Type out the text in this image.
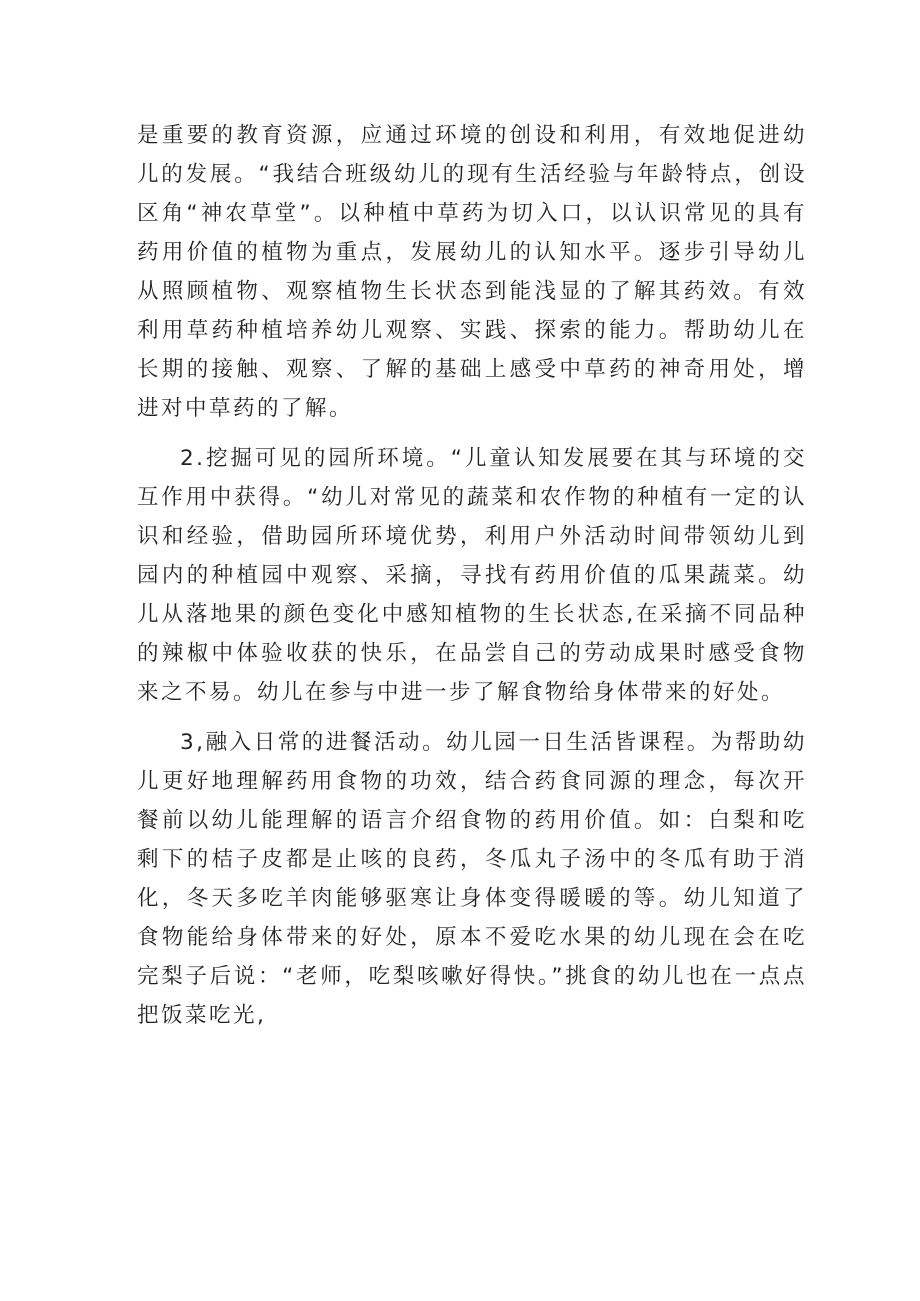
是重要的教育资源，应通过环境的创设和利用，有效地促进幼儿的发展。“我结合班级幼儿的现有生活经验与年龄特点，创设区角“神农草堂”。以种植中草药为切入口，以认识常见的具有药用价值的植物为重点，发展幼儿的认知水平。逐步引导幼儿从照顾植物、观察植物生长状态到能浅显的了解其药效。有效利用草药种植培养幼儿观察、实践、探索的能力。帮助幼儿在长期的接触、观察、了解的基础上感受中草药的神奇用处，增进对中草药的了解。

2.挖掘可见的园所环境。“儿童认知发展要在其与环境的交互作用中获得。“幼儿对常见的蔬菜和农作物的种植有一定的认识和经验，借助园所环境优势，利用户外活动时间带领幼儿到园内的种植园中观察、采摘，寻找有药用价值的瓜果蔬菜。幼儿从落地果的颜色变化中感知植物的生长状态,在采摘不同品种的辣椒中体验收获的快乐，在品尝自己的劳动成果时感受食物来之不易。幼儿在参与中进一步了解食物给身体带来的好处。

3,融入日常的进餐活动。幼儿园一日生活皆课程。为帮助幼儿更好地理解药用食物的功效，结合药食同源的理念，每次开餐前以幼儿能理解的语言介绍食物的药用价值。如：白梨和吃剩下的桔子皮都是止咳的良药，冬瓜丸子汤中的冬瓜有助于消化，冬天多吃羊肉能够驱寒让身体变得暖暖的等。幼儿知道了食物能给身体带来的好处，原本不爱吃水果的幼儿现在会在吃完梨子后说：“老师，吃梨咳嗽好得快。”挑食的幼儿也在一点点把饭菜吃光,
